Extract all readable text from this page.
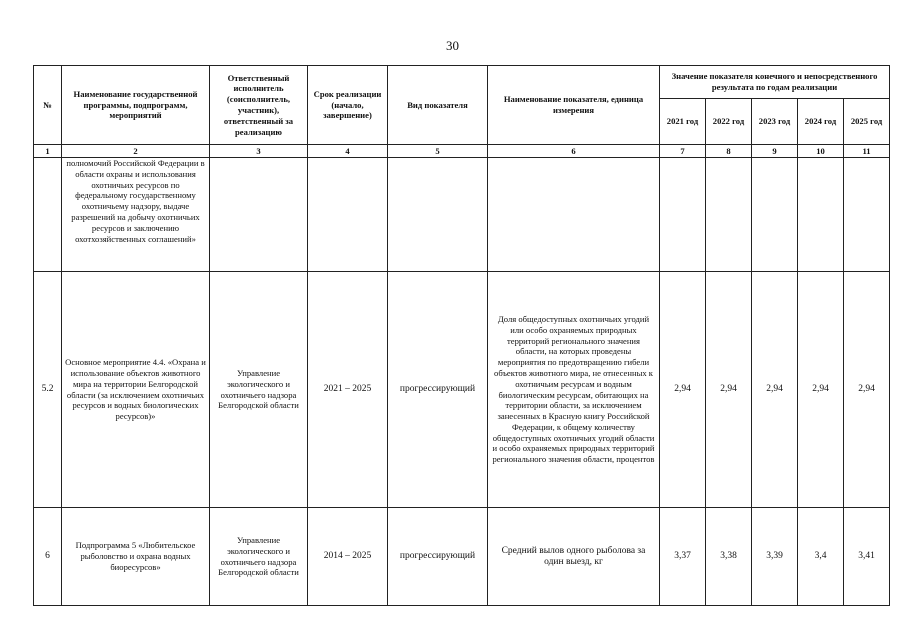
30
№	Наименование государственной программы, подпрограмм, мероприятий	Ответственный исполнитель (соисполнитель, участник), ответственный за реализацию	Срок реализации (начало, завершение)	Вид показателя	Наименование показателя, единица измерения	Значение показателя конечного и непосредственного результата по годам реализации				
						2021 год	2022 год	2023 год	2024 год	2025 год
1	2	3	4	5	6	7	8	9	10	11
	полномочий Российской Федерации в области охраны и использования охотничьих ресурсов по федеральному государственному охотничьему надзору, выдаче разрешений на добычу охотничьих ресурсов и заключению охотхозяйственных соглашений»									
5.2	Основное мероприятие 4.4. «Охрана и использование объектов животного мира на территории Белгородской области (за исключением охотничьих ресурсов и водных биологических ресурсов)»	Управление экологического и охотничьего надзора Белгородской области	2021 – 2025	прогрессирующий	Доля общедоступных охотничьих угодий или особо охраняемых природных территорий регионального значения области, на которых проведены мероприятия по предотвращению гибели объектов животного мира, не отнесенных к охотничьим ресурсам и водным биологическим ресурсам, обитающих на территории области, за исключением занесенных в Красную книгу Российской Федерации, к общему количеству общедоступных охотничьих угодий области и особо охраняемых природных территорий регионального значения области, процентов	2,94	2,94	2,94	2,94	2,94
6	Подпрограмма 5 «Любительское рыболовство и охрана водных биоресурсов»	Управление экологического и охотничьего надзора Белгородской области	2014 – 2025	прогрессирующий	Средний вылов одного рыболова за один выезд, кг	3,37	3,38	3,39	3,4	3,41
